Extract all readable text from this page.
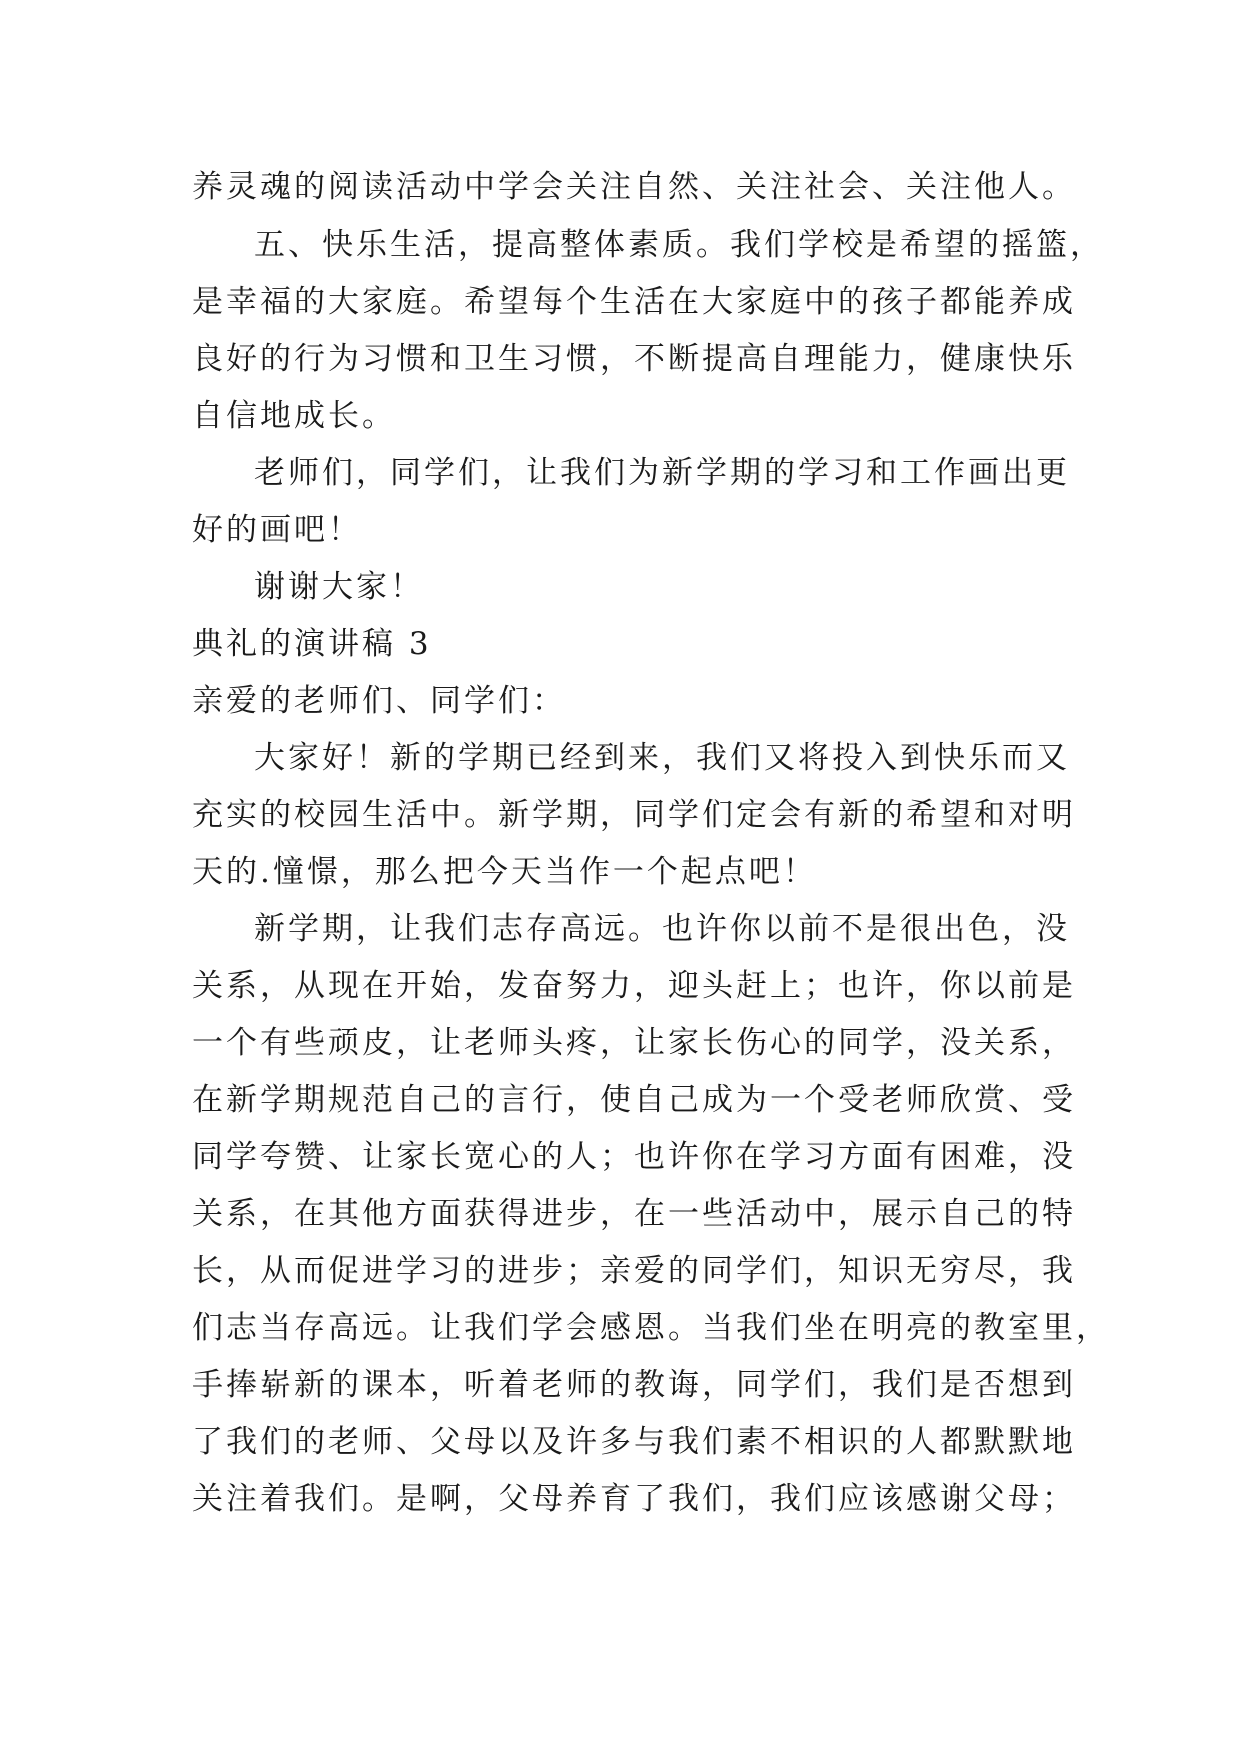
养灵魂的阅读活动中学会关注自然、关注社会、关注他人。
五、快乐生活，提高整体素质。我们学校是希望的摇篮，
是幸福的大家庭。希望每个生活在大家庭中的孩子都能养成
良好的行为习惯和卫生习惯，不断提高自理能力，健康快乐
自信地成长。
老师们，同学们，让我们为新学期的学习和工作画出更
好的画吧！
谢谢大家！
典礼的演讲稿 3
亲爱的老师们、同学们：
大家好！新的学期已经到来，我们又将投入到快乐而又
充实的校园生活中。新学期，同学们定会有新的希望和对明
天的.憧憬，那么把今天当作一个起点吧！
新学期，让我们志存高远。也许你以前不是很出色，没
关系，从现在开始，发奋努力，迎头赶上；也许，你以前是
一个有些顽皮，让老师头疼，让家长伤心的同学，没关系，
在新学期规范自己的言行，使自己成为一个受老师欣赏、受
同学夸赞、让家长宽心的人；也许你在学习方面有困难，没
关系，在其他方面获得进步，在一些活动中，展示自己的特
长，从而促进学习的进步；亲爱的同学们，知识无穷尽，我
们志当存高远。让我们学会感恩。当我们坐在明亮的教室里，
手捧崭新的课本，听着老师的教诲，同学们，我们是否想到
了我们的老师、父母以及许多与我们素不相识的人都默默地
关注着我们。是啊，父母养育了我们，我们应该感谢父母；
